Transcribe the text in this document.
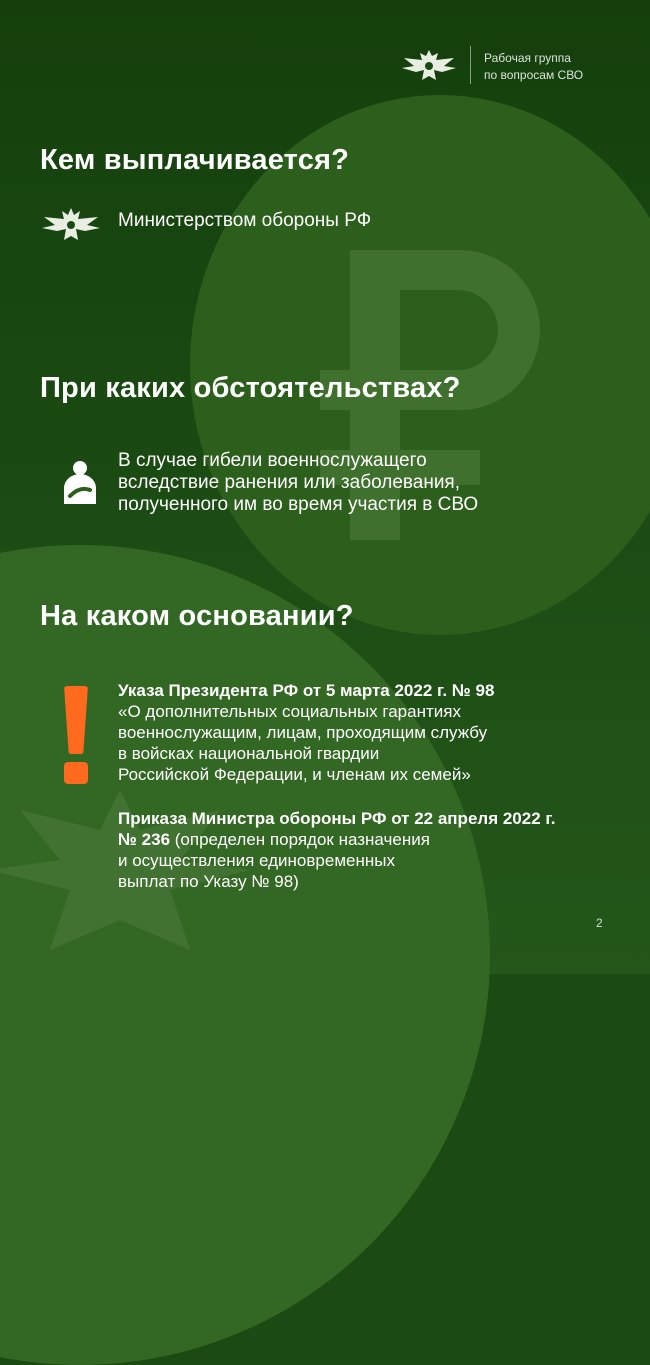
Рабочая группа
по вопросам СВО
Кем выплачивается?
Министерством обороны РФ
При каких обстоятельствах?
В случае гибели военнослужащего
вследствие ранения или заболевания,
полученного им во время участия в СВО
На каком основании?
Указа Президента РФ от 5 марта 2022 г. № 98
«О дополнительных социальных гарантиях
военнослужащим, лицам, проходящим службу
в войсках национальной гвардии
Российской Федерации, и членам их семей»
Приказа Министра обороны РФ от 22 апреля 2022 г.
№ 236 (определен порядок назначения
и осуществления единовременных
выплат по Указу № 98)
2
